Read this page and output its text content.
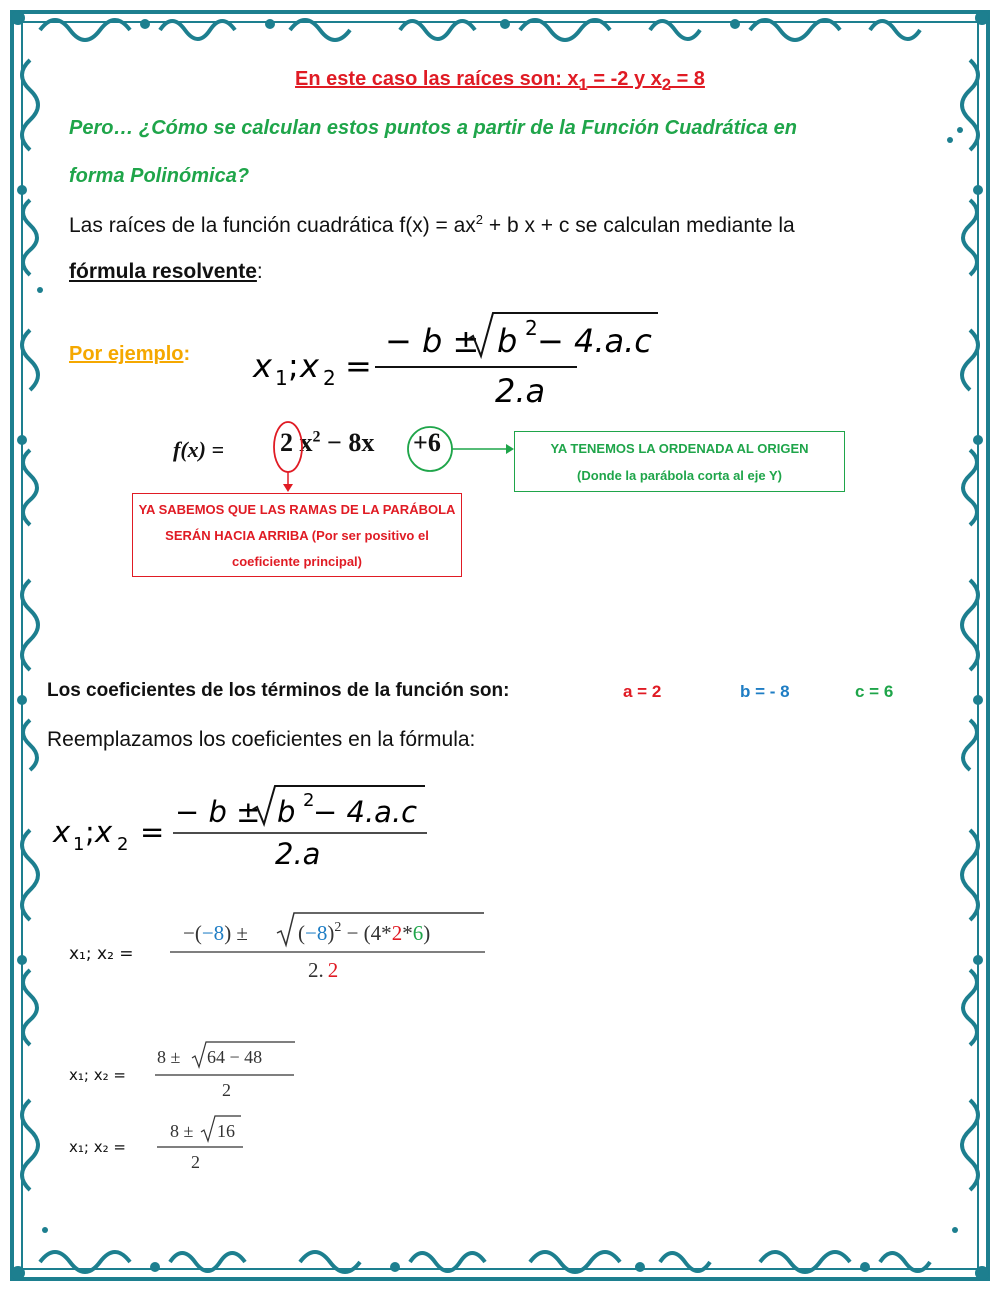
En este caso las raíces son: $x_1 = -2$ y $x_2 = 8$
Pero… ¿Cómo se calculan estos puntos a partir de la Función Cuadrática en
forma Polinómica?
Las raíces de la función cuadrática $f(x) = ax^2 + b$ x + c se calculan mediante la
fórmula resolvente:
Por ejemplo: x 1 ; x 2 =
− b ± b 2 − 4.a.c
2.a
f(x) = 2 $x^2 - 8x +6$
YA SABEMOS QUE LAS RAMAS DE LA PARÁBOLA SERÁN HACIA ARRIBA (Por ser positivo el coeficiente principal)
YA TENEMOS LA ORDENADA AL ORIGEN
(Donde la parábola corta al eje Y)
Los coeficientes de los términos de la función son:	a = 2	b = - 8	c = 6
Reemplazamos los coeficientes en la fórmula:
x 1 ; x 2 =
− b ± b 2
− 4.a.c
2.a
x₁; x₂ =
$-(-8) \pm (-8)^2 - (4*2*6)$
2. 2
x₁; x₂ =
8 ± 64 − 48
2
x₁; x₂ =
8 ± 16
2
